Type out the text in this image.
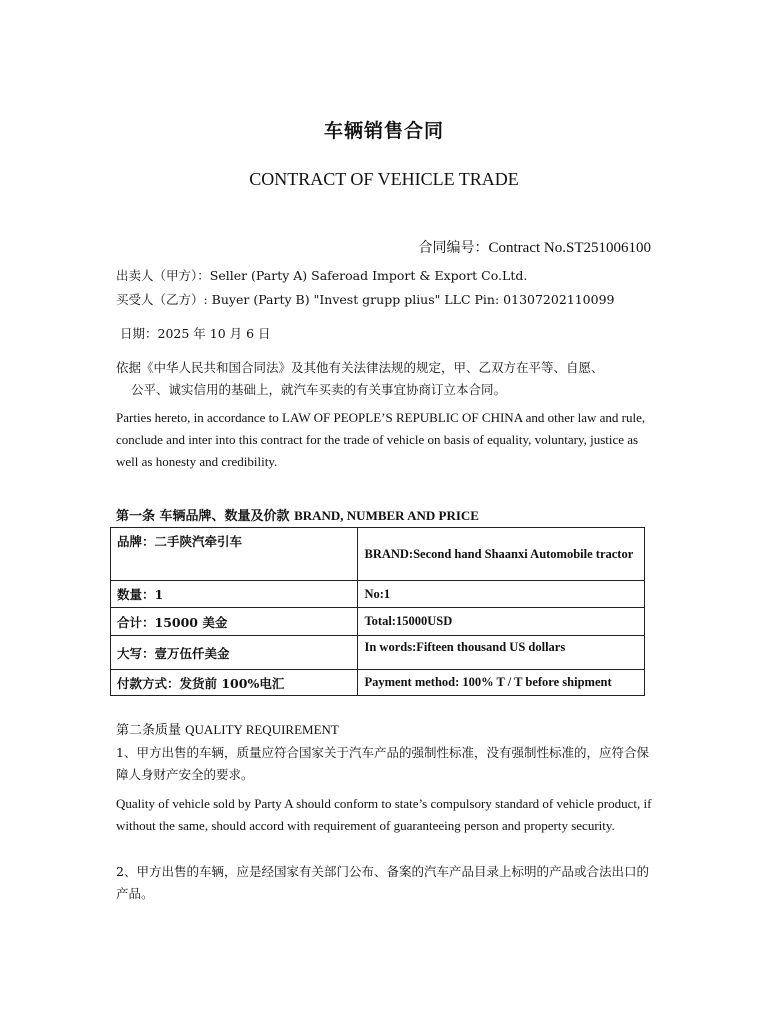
车辆销售合同
CONTRACT OF VEHICLE TRADE
合同编号：Contract No.ST251006100
出卖人（甲方）：Seller (Party A) Saferoad Import & Export Co.Ltd.
买受人（乙方）: Buyer (Party B) "Invest grupp plius" LLC Pin: 01307202110099
日期：2025 年 10 月 6 日
依据《中华人民共和国合同法》及其他有关法律法规的规定，甲、乙双方在平等、自愿、
公平、诚实信用的基础上，就汽车买卖的有关事宜协商订立本合同。
Parties hereto, in accordance to LAW OF PEOPLE’S REPUBLIC OF CHINA and other law and rule, conclude and inter into this contract for the trade of vehicle on basis of equality, voluntary, justice as well as honesty and credibility.
第一条 车辆品牌、数量及价款 BRAND, NUMBER AND PRICE
品牌：二手陕汽牵引车	BRAND:Second hand Shaanxi Automobile tractor
数量：1	No:1
合计：15000 美金	Total:15000USD
大写：壹万伍仟美金	In words:Fifteen thousand US dollars
付款方式：发货前 100%电汇	Payment method: 100% T / T before shipment
第二条质量 QUALITY REQUIREMENT
1、甲方出售的车辆，质量应符合国家关于汽车产品的强制性标准，没有强制性标准的，应符合保障人身财产安全的要求。
Quality of vehicle sold by Party A should conform to state’s compulsory standard of vehicle product, if without the same, should accord with requirement of guaranteeing person and property security.
2、甲方出售的车辆，应是经国家有关部门公布、备案的汽车产品目录上标明的产品或合法出口的产品。
